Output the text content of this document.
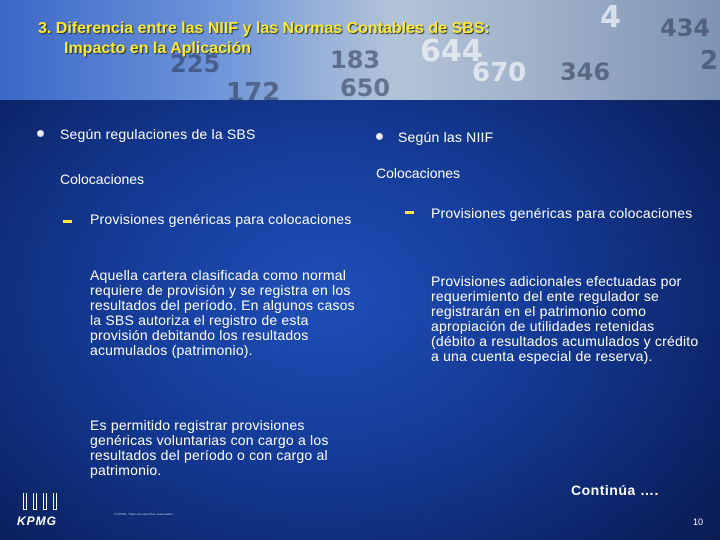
644
670
183
225
172 650
346
434
4
2
3. Diferencia entre las NIIF y las Normas Contables de SBS:
Impacto en la Aplicación
Según regulaciones de la SBS
Colocaciones
Provisiones genéricas para colocaciones
Aquella cartera clasificada como normal requiere de provisión y se registra en los resultados del período. En algunos casos la SBS autoriza el registro de esta provisión debitando los resultados acumulados (patrimonio).
Es permitido registrar provisiones genéricas voluntarias con cargo a los resultados del período o con cargo al patrimonio.
Según las NIIF
Colocaciones
Provisiones genéricas para colocaciones
Provisiones adicionales efectuadas por requerimiento del ente regulador se registrarán en el patrimonio como apropiación de utilidades retenidas (débito a resultados acumulados y crédito a una cuenta especial de reserva).
Continúa ….
© KPMG. Todos los derechos reservados.
KPMG	10
